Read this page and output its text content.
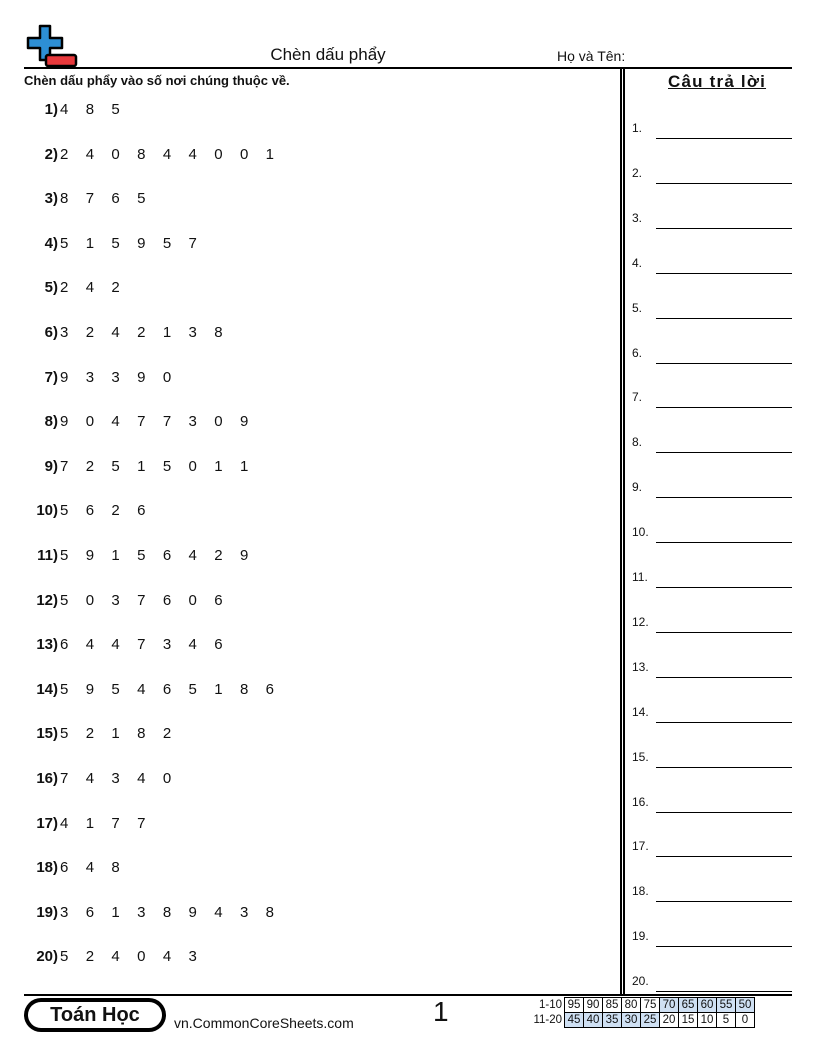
Chèn dấu phẩy	Họ và Tên:
Chèn dấu phẩy vào số nơi chúng thuộc về.
1) 4 8 5
2) 2 4 0 8 4 4 0 0 1
3) 8 7 6 5
4) 5 1 5 9 5 7
5) 2 4 2
6) 3 2 4 2 1 3 8
7) 9 3 3 9 0
8) 9 0 4 7 7 3 0 9
9) 7 2 5 1 5 0 1 1
10) 5 6 2 6
11) 5 9 1 5 6 4 2 9
12) 5 0 3 7 6 0 6
13) 6 4 4 7 3 4 6
14) 5 9 5 4 6 5 1 8 6
15) 5 2 1 8 2
16) 7 4 3 4 0
17) 4 1 7 7
18) 6 4 8
19) 3 6 1 3 8 9 4 3 8
20) 5 2 4 0 4 3
Câu trả lời
1.
2.
3.
4.
5.
6.
7.
8.
9.
10.
11.
12.
13.
14.
15.
16.
17.
18.
19.
20.
Toán Học	vn.CommonCoreSheets.com	1	1-10	95	90	85	80	75	70	65	60	55	50
11-20	45	40	35	30	25	20	15	10	5	0
